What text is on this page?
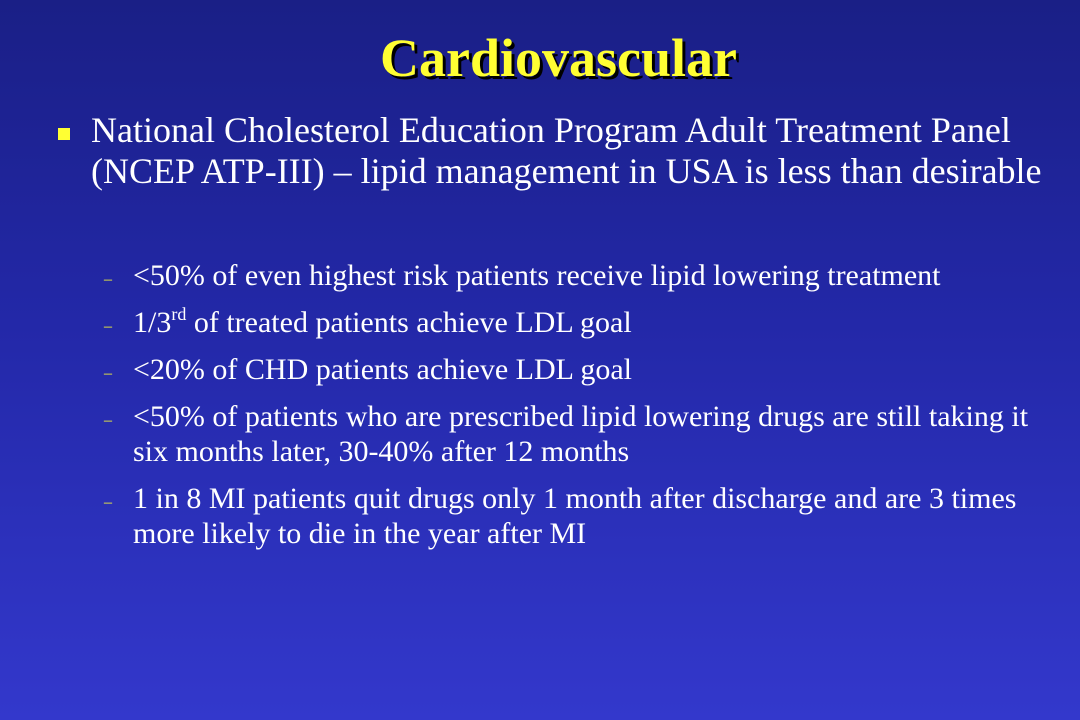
Cardiovascular
National Cholesterol Education Program Adult Treatment Panel (NCEP ATP-III) – lipid management in USA is less than desirable
– <50% of even highest risk patients receive lipid lowering treatment
– 1/3rd of treated patients achieve LDL goal
– <20% of CHD patients achieve LDL goal
– <50% of patients who are prescribed lipid lowering drugs are still taking it six months later, 30-40% after 12 months
– 1 in 8 MI patients quit drugs only 1 month after discharge and are 3 times more likely to die in the year after MI
